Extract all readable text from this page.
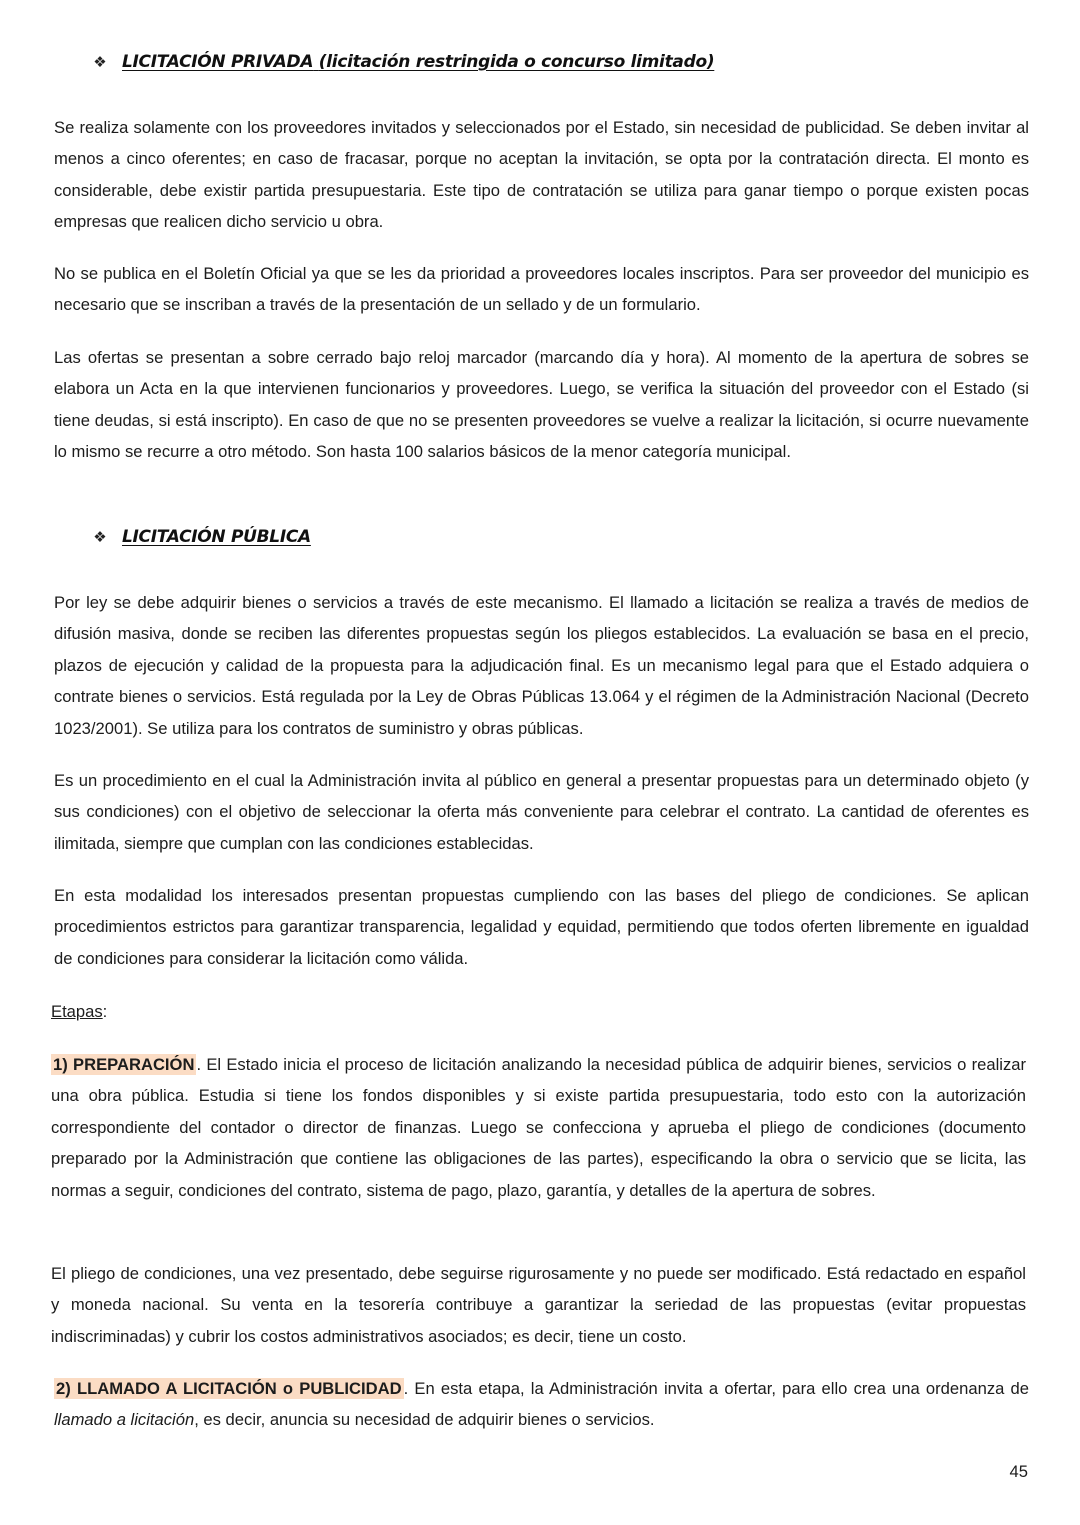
❖ LICITACIÓN PRIVADA (licitación restringida o concurso limitado)

Se realiza solamente con los proveedores invitados y seleccionados por el Estado, sin necesidad de publicidad. Se deben invitar al menos a cinco oferentes; en caso de fracasar, porque no aceptan la invitación, se opta por la contratación directa. El monto es considerable, debe existir partida presupuestaria. Este tipo de contratación se utiliza para ganar tiempo o porque existen pocas empresas que realicen dicho servicio u obra.

No se publica en el Boletín Oficial ya que se les da prioridad a proveedores locales inscriptos. Para ser proveedor del municipio es necesario que se inscriban a través de la presentación de un sellado y de un formulario.

Las ofertas se presentan a sobre cerrado bajo reloj marcador (marcando día y hora). Al momento de la apertura de sobres se elabora un Acta en la que intervienen funcionarios y proveedores. Luego, se verifica la situación del proveedor con el Estado (si tiene deudas, si está inscripto). En caso de que no se presenten proveedores se vuelve a realizar la licitación, si ocurre nuevamente lo mismo se recurre a otro método. Son hasta 100 salarios básicos de la menor categoría municipal.

❖ LICITACIÓN PÚBLICA

Por ley se debe adquirir bienes o servicios a través de este mecanismo. El llamado a licitación se realiza a través de medios de difusión masiva, donde se reciben las diferentes propuestas según los pliegos establecidos. La evaluación se basa en el precio, plazos de ejecución y calidad de la propuesta para la adjudicación final. Es un mecanismo legal para que el Estado adquiera o contrate bienes o servicios. Está regulada por la Ley de Obras Públicas 13.064 y el régimen de la Administración Nacional (Decreto 1023/2001). Se utiliza para los contratos de suministro y obras públicas.

Es un procedimiento en el cual la Administración invita al público en general a presentar propuestas para un determinado objeto (y sus condiciones) con el objetivo de seleccionar la oferta más conveniente para celebrar el contrato. La cantidad de oferentes es ilimitada, siempre que cumplan con las condiciones establecidas.

En esta modalidad los interesados presentan propuestas cumpliendo con las bases del pliego de condiciones. Se aplican procedimientos estrictos para garantizar transparencia, legalidad y equidad, permitiendo que todos oferten libremente en igualdad de condiciones para considerar la licitación como válida.

Etapas:

1) PREPARACIÓN . El Estado inicia el proceso de licitación analizando la necesidad pública de adquirir bienes, servicios o realizar una obra pública. Estudia si tiene los fondos disponibles y si existe partida presupuestaria, todo esto con la autorización correspondiente del contador o director de finanzas. Luego se confecciona y aprueba el pliego de condiciones (documento preparado por la Administración que contiene las obligaciones de las partes), especificando la obra o servicio que se licita, las normas a seguir, condiciones del contrato, sistema de pago, plazo, garantía, y detalles de la apertura de sobres.

El pliego de condiciones, una vez presentado, debe seguirse rigurosamente y no puede ser modificado. Está redactado en español y moneda nacional. Su venta en la tesorería contribuye a garantizar la seriedad de las propuestas (evitar propuestas indiscriminadas) y cubrir los costos administrativos asociados; es decir, tiene un costo.

2) LLAMADO A LICITACIÓN o PUBLICIDAD . En esta etapa, la Administración invita a ofertar, para ello crea una ordenanza de llamado a licitación, es decir, anuncia su necesidad de adquirir bienes o servicios.

45
